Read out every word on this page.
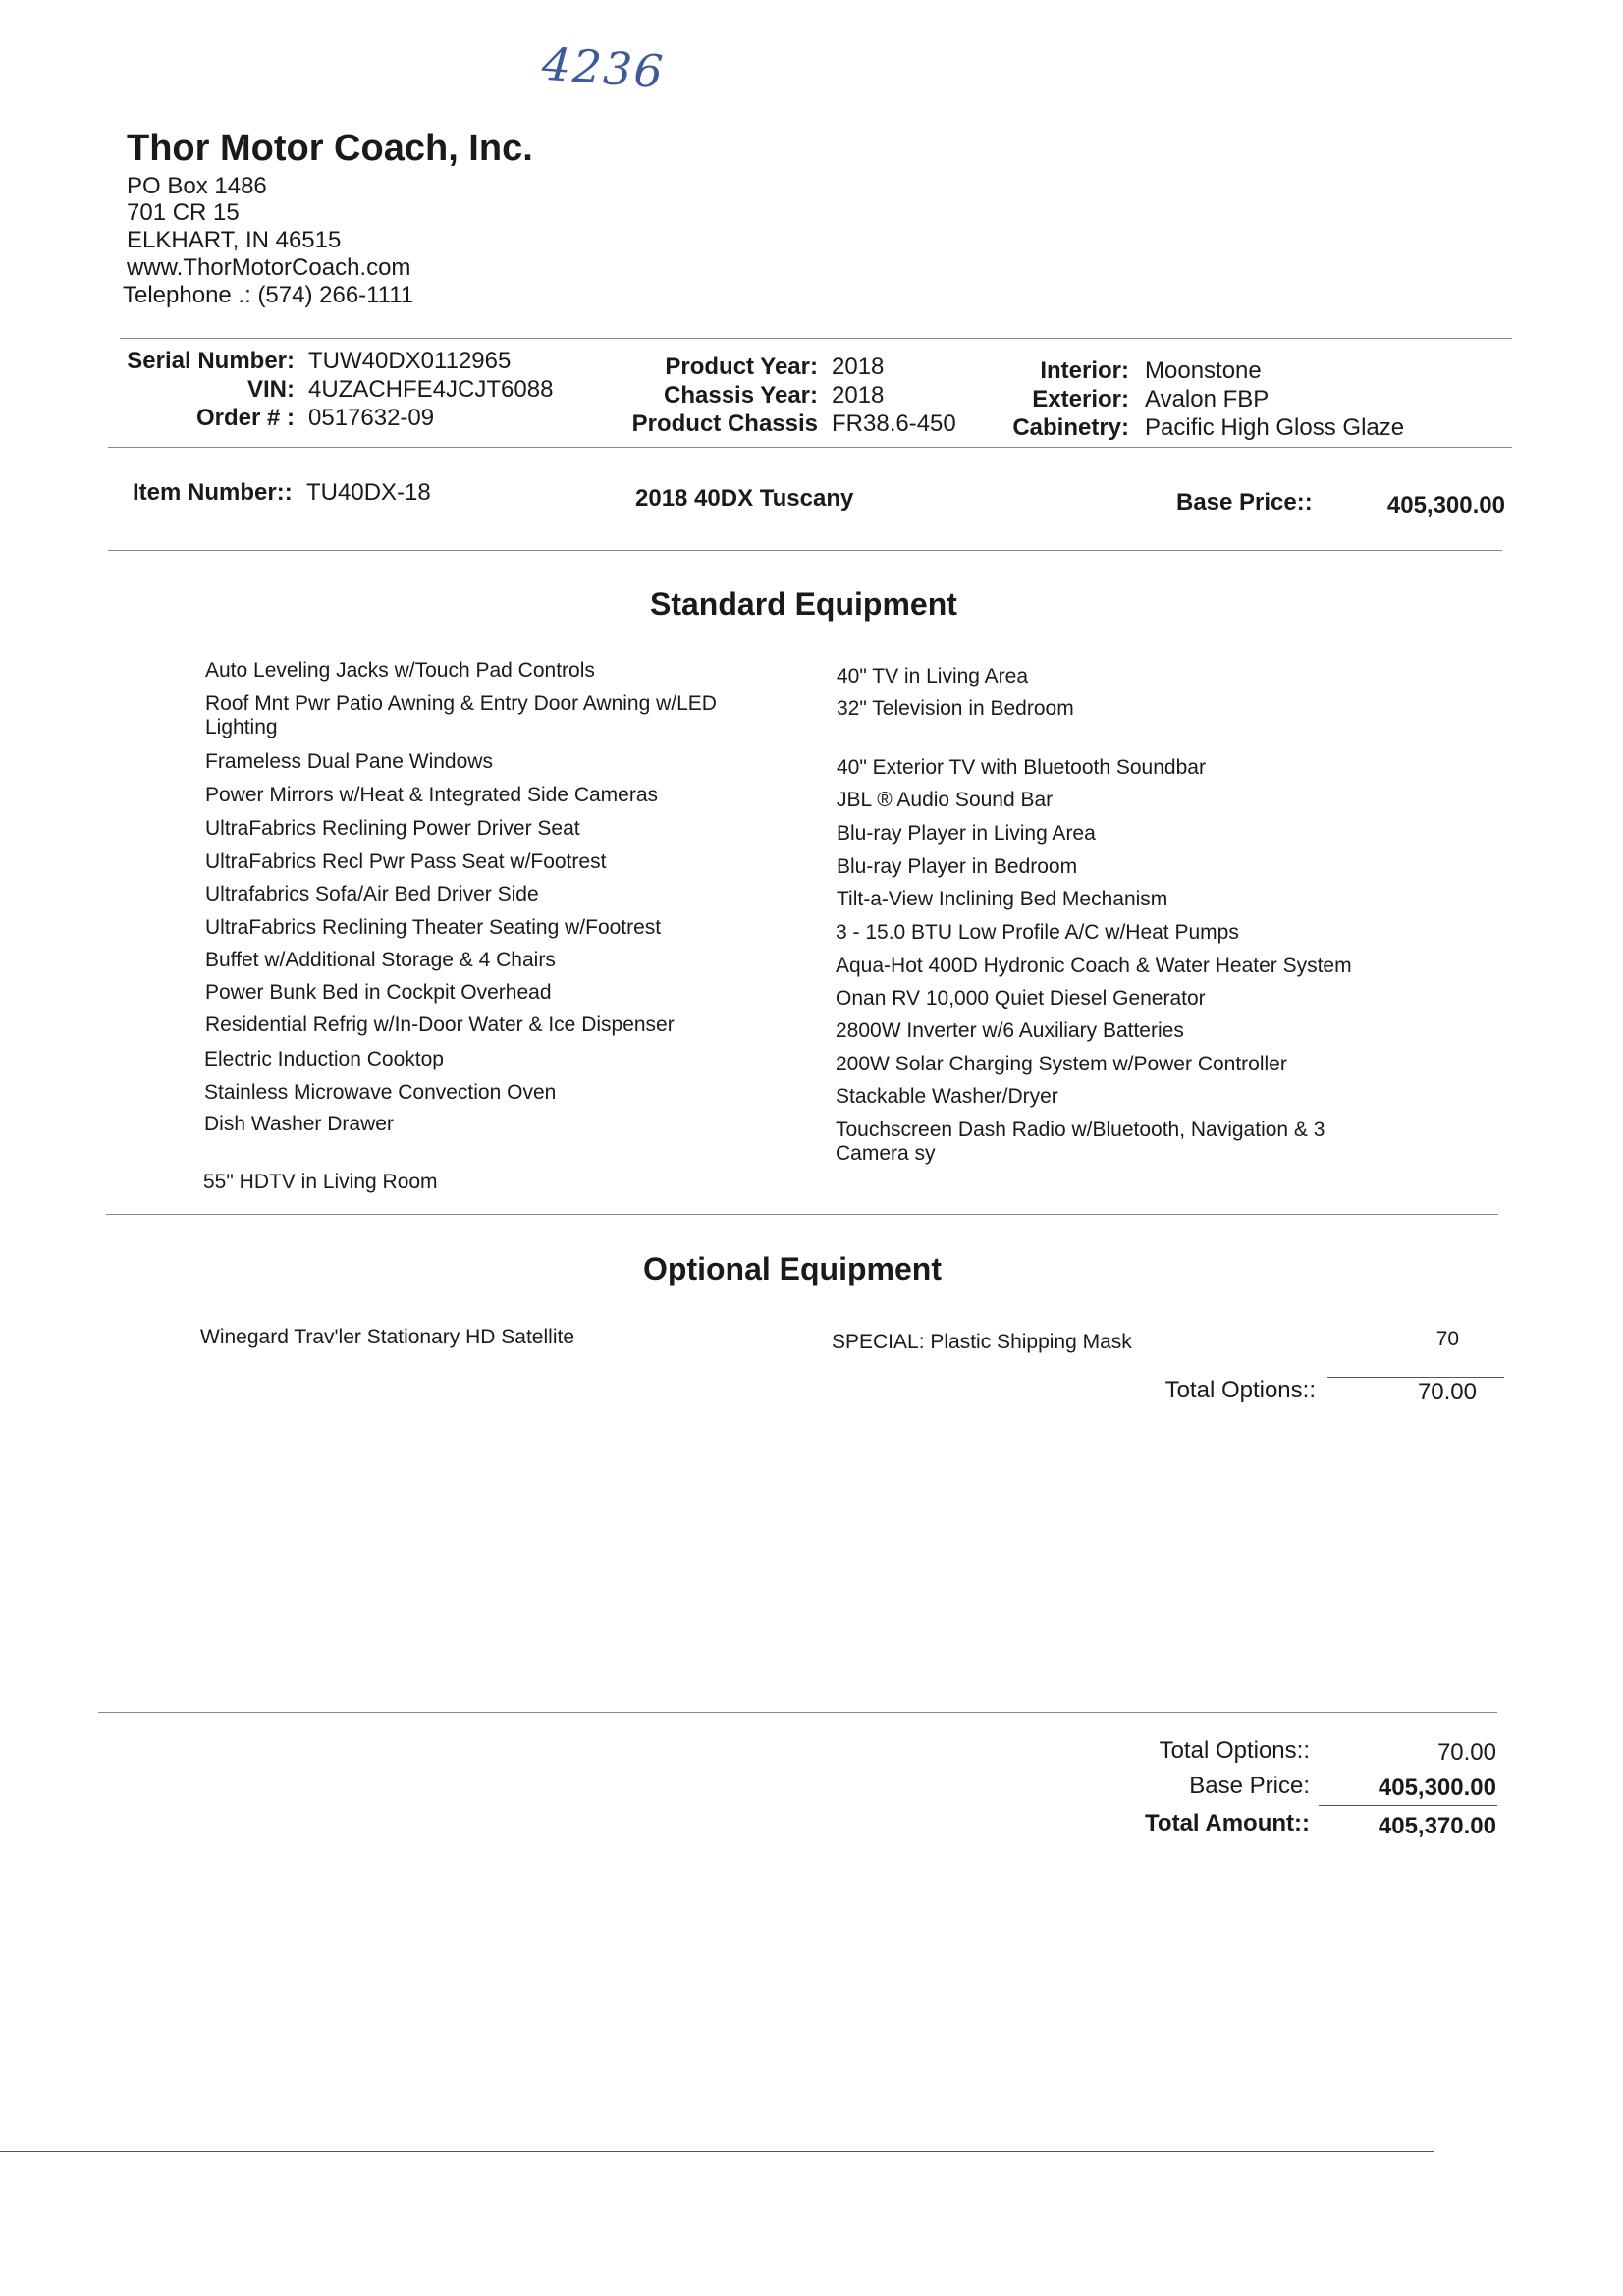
4236
Thor Motor Coach, Inc.
PO Box 1486
701 CR 15
ELKHART, IN 46515
www.ThorMotorCoach.com
Telephone .: (574) 266-1111
Serial Number: TUW40DX0112965
VIN: 4UZACHFE4JCJT6088
Order # : 0517632-09
Product Year: 2018
Chassis Year: 2018
Product Chassis FR38.6-450
Interior: Moonstone
Exterior: Avalon FBP
Cabinetry: Pacific High Gloss Glaze
Item Number:: TU40DX-18	2018 40DX Tuscany	Base Price::	405,300.00
Standard Equipment
Auto Leveling Jacks w/Touch Pad Controls
Roof Mnt Pwr Patio Awning & Entry Door Awning w/LED Lighting
Frameless Dual Pane Windows
Power Mirrors w/Heat & Integrated Side Cameras
UltraFabrics Reclining Power Driver Seat
UltraFabrics Recl Pwr Pass Seat w/Footrest
Ultrafabrics Sofa/Air Bed Driver Side
UltraFabrics Reclining Theater Seating w/Footrest
Buffet w/Additional Storage & 4 Chairs
Power Bunk Bed in Cockpit Overhead
Residential Refrig w/In-Door Water & Ice Dispenser
Electric Induction Cooktop
Stainless Microwave Convection Oven
Dish Washer Drawer
55" HDTV in Living Room
40" TV in Living Area
32" Television in Bedroom
40" Exterior TV with Bluetooth Soundbar
JBL ® Audio Sound Bar
Blu-ray Player in Living Area
Blu-ray Player in Bedroom
Tilt-a-View Inclining Bed Mechanism
3 - 15.0 BTU Low Profile A/C w/Heat Pumps
Aqua-Hot 400D Hydronic Coach & Water Heater System
Onan RV 10,000 Quiet Diesel Generator
2800W Inverter w/6 Auxiliary Batteries
200W Solar Charging System w/Power Controller
Stackable Washer/Dryer
Touchscreen Dash Radio w/Bluetooth, Navigation & 3 Camera sy
Optional Equipment
Winegard Trav'ler Stationary HD Satellite	SPECIAL: Plastic Shipping Mask	70
Total Options::	70.00
Total Options::	70.00
Base Price:	405,300.00
Total Amount::	405,370.00
